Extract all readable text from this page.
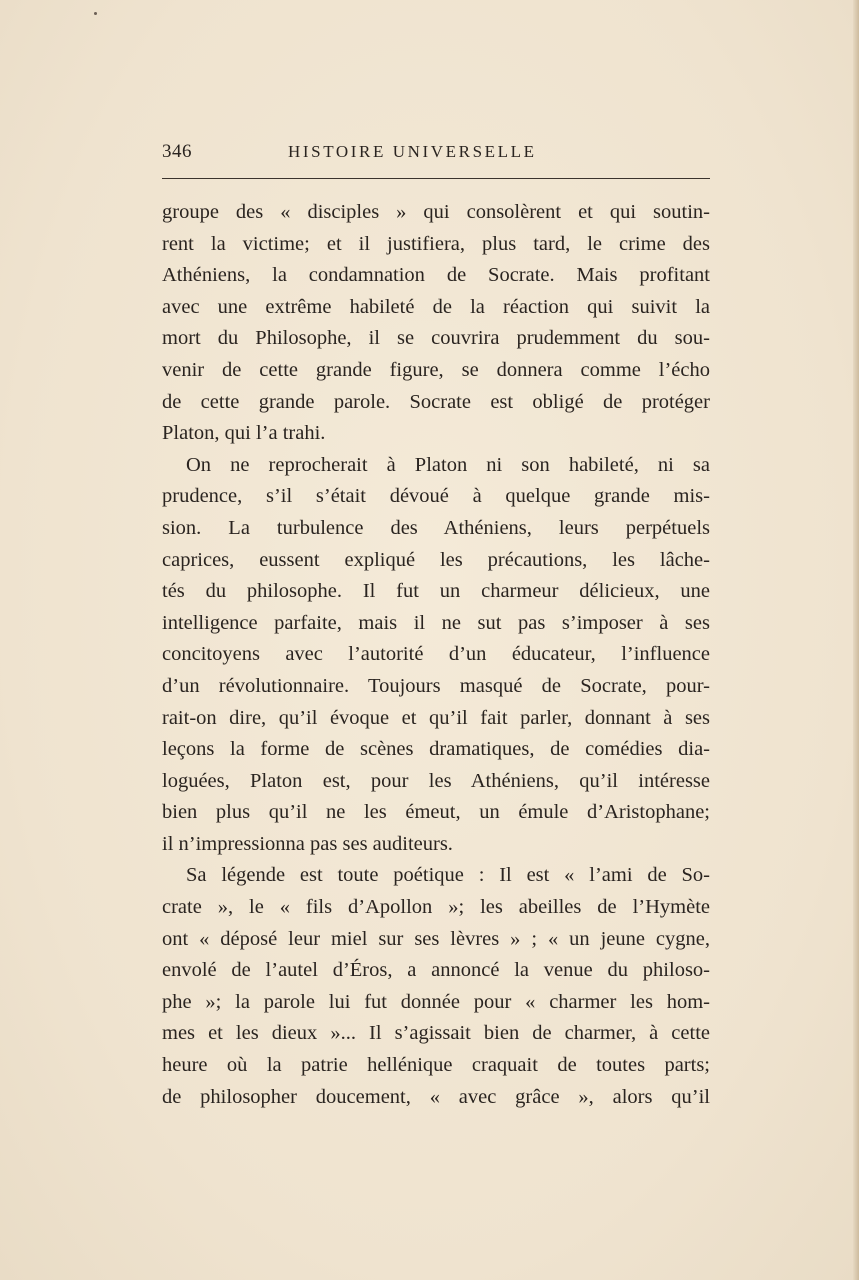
346	HISTOIRE UNIVERSELLE
groupe des « disciples » qui consolèrent et qui soutin-
rent la victime; et il justifiera, plus tard, le crime des
Athéniens, la condamnation de Socrate. Mais profitant
avec une extrême habileté de la réaction qui suivit la
mort du Philosophe, il se couvrira prudemment du sou-
venir de cette grande figure, se donnera comme l’écho
de cette grande parole. Socrate est obligé de protéger
Platon, qui l’a trahi.
On ne reprocherait à Platon ni son habileté, ni sa
prudence, s’il s’était dévoué à quelque grande mis-
sion. La turbulence des Athéniens, leurs perpétuels
caprices, eussent expliqué les précautions, les lâche-
tés du philosophe. Il fut un charmeur délicieux, une
intelligence parfaite, mais il ne sut pas s’imposer à ses
concitoyens avec l’autorité d’un éducateur, l’influence
d’un révolutionnaire. Toujours masqué de Socrate, pour-
rait-on dire, qu’il évoque et qu’il fait parler, donnant à ses
leçons la forme de scènes dramatiques, de comédies dia-
loguées, Platon est, pour les Athéniens, qu’il intéresse
bien plus qu’il ne les émeut, un émule d’Aristophane;
il n’impressionna pas ses auditeurs.
Sa légende est toute poétique : Il est « l’ami de So-
crate », le « fils d’Apollon »; les abeilles de l’Hymète
ont « déposé leur miel sur ses lèvres » ; « un jeune cygne,
envolé de l’autel d’Éros, a annoncé la venue du philoso-
phe »; la parole lui fut donnée pour « charmer les hom-
mes et les dieux »... Il s’agissait bien de charmer, à cette
heure où la patrie hellénique craquait de toutes parts;
de philosopher doucement, « avec grâce », alors qu’il
